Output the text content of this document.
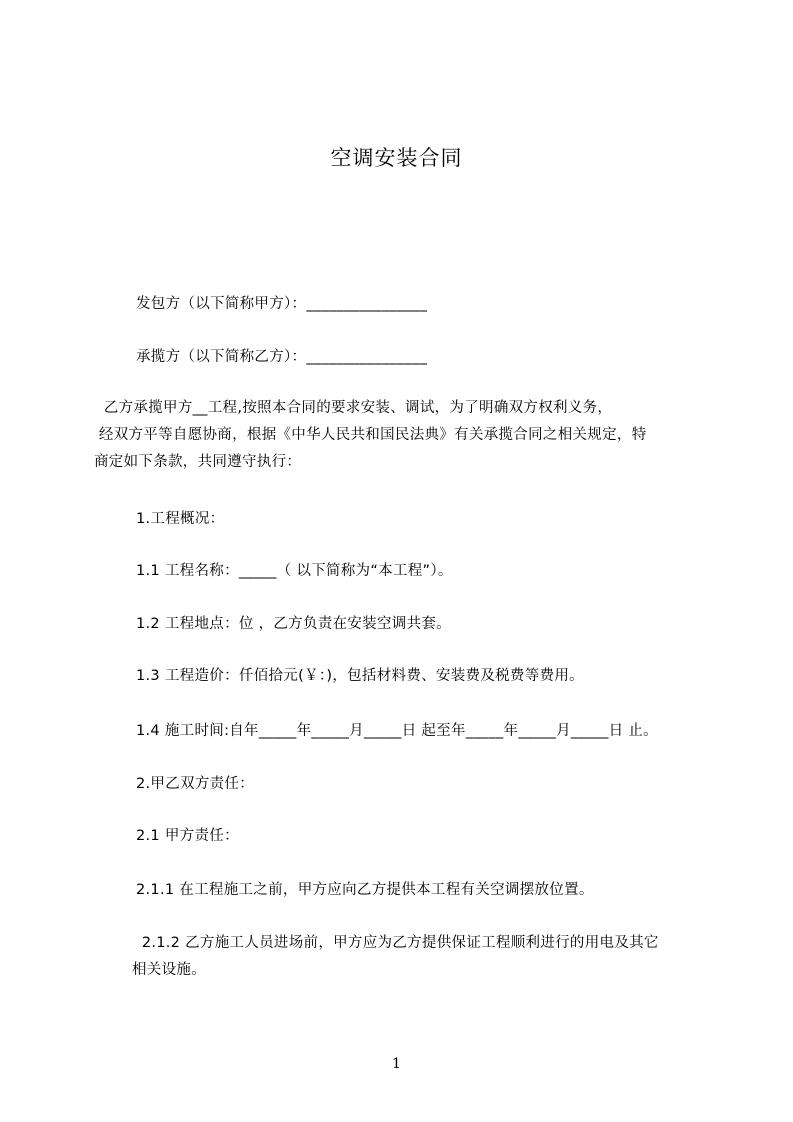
空调安装合同
发包方（以下简称甲方）：________________
承揽方（以下简称乙方）：________________
乙方承揽甲方__工程,按照本合同的要求安装、调试，为了明确双方权利义务，
经双方平等自愿协商，根据《中华人民共和国民法典》有关承揽合同之相关规定，特
商定如下条款，共同遵守执行：
1.工程概况：
1.1 工程名称：_____（ 以下简称为“本工程”）。
1.2 工程地点：位 ，乙方负责在安装空调共套。
1.3 工程造价：仟佰拾元(￥：)，包括材料费、安装费及税费等费用。
1.4 施工时间:自年_____年_____月_____日 起至年_____年_____月_____日 止。
2.甲乙双方责任：
2.1 甲方责任：
2.1.1 在工程施工之前，甲方应向乙方提供本工程有关空调摆放位置。
2.1.2 乙方施工人员进场前，甲方应为乙方提供保证工程顺利进行的用电及其它
相关设施。
1
